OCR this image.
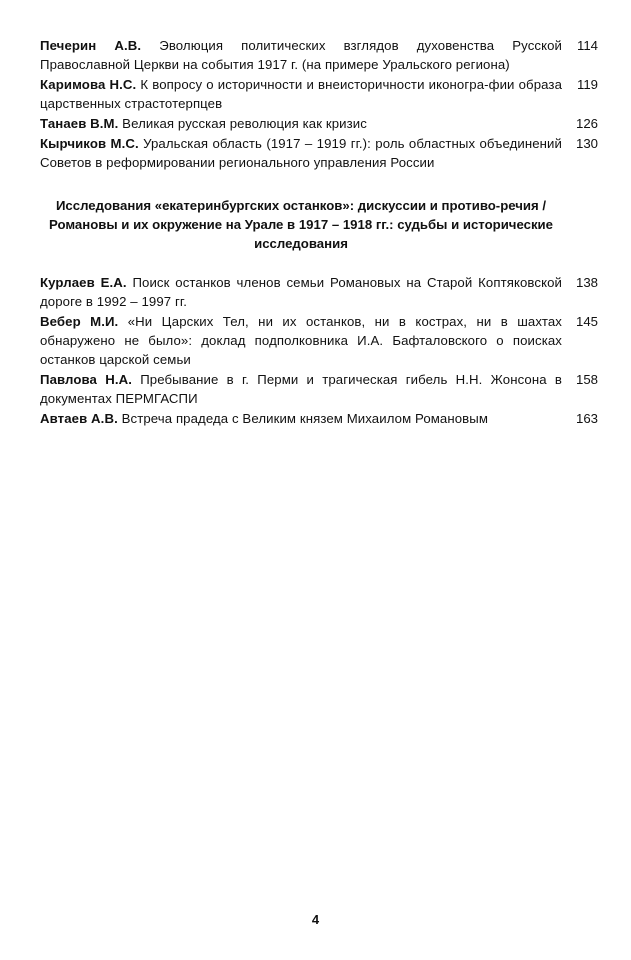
Печерин А.В. Эволюция политических взглядов духовенства Русской Православной Церкви на события 1917 г. (на примере Уральского региона)
114
Каримова Н.С. К вопросу о историчности и внеисторичности иконогра-фии образа царственных страстотерпцев
119
Танаев В.М. Великая русская революция как кризис	126
Кырчиков М.С. Уральская область (1917 – 1919 гг.): роль областных объединений Советов в реформировании регионального управления России
130
Исследования «екатеринбургских останков»: дискуссии и противо-речия / Романовы и их окружение на Урале в 1917 – 1918 гг.: судьбы и исторические исследования
Курлаев Е.А. Поиск останков членов семьи Романовых на Старой Коптяковской дороге в 1992 – 1997 гг.
138
Вебер М.И. «Ни Царских Тел, ни их останков, ни в кострах, ни в шахтах обнаружено не было»: доклад подполковника И.А. Бафталовского о поисках останков царской семьи
145
Павлова Н.А. Пребывание в г. Перми и трагическая гибель Н.Н. Жонсона в документах ПЕРМГАСПИ
158
Автаев А.В. Встреча прадеда с Великим князем Михаилом Романовым	163
4
